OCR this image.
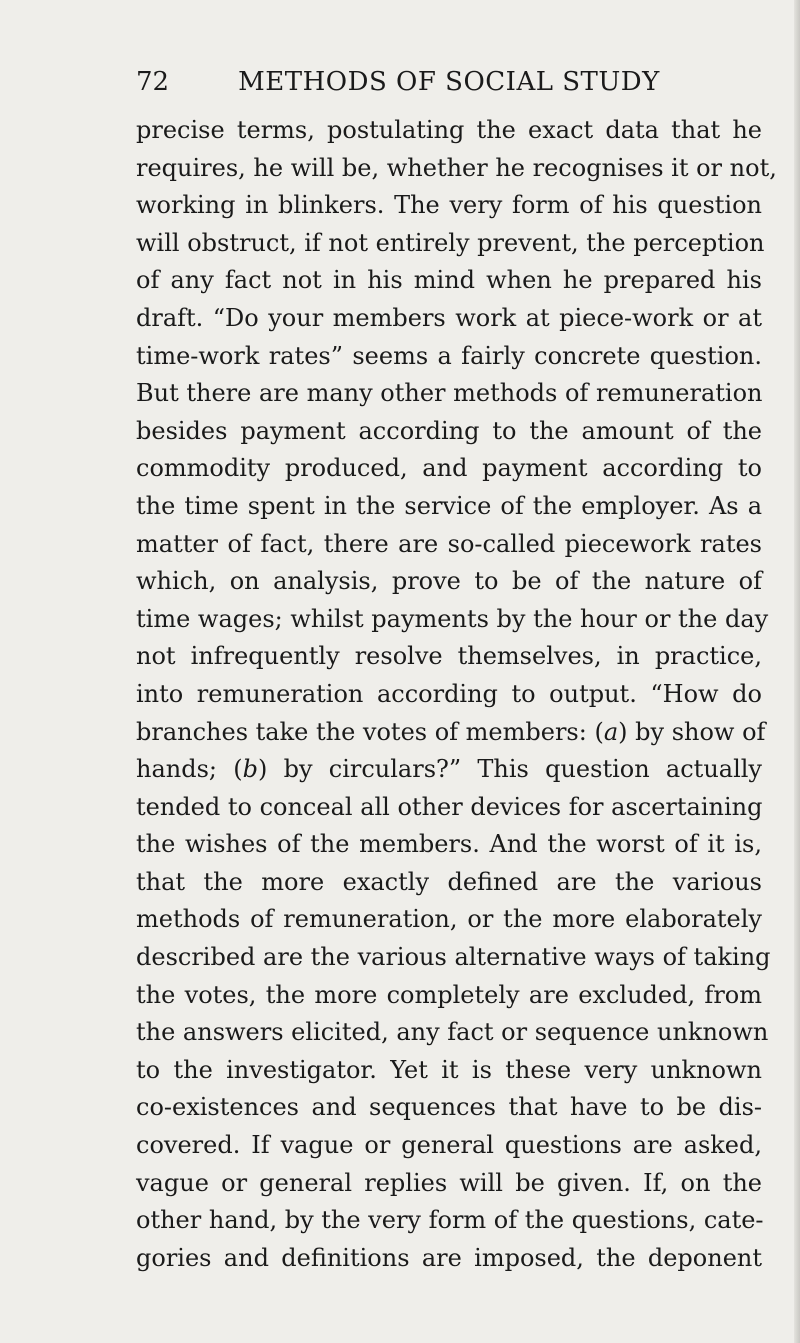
72	METHODS OF SOCIAL STUDY
precise terms, postulating the exact data that he
requires, he will be, whether he recognises it or not,
working in blinkers. The very form of his question
will obstruct, if not entirely prevent, the perception
of any fact not in his mind when he prepared his
draft. “Do your members work at piece-work or at
time-work rates” seems a fairly concrete question.
But there are many other methods of remuneration
besides payment according to the amount of the
commodity produced, and payment according to
the time spent in the service of the employer. As a
matter of fact, there are so-called piecework rates
which, on analysis, prove to be of the nature of
time wages; whilst payments by the hour or the day
not infrequently resolve themselves, in practice,
into remuneration according to output. “How do
branches take the votes of members: (a) by show of
hands; (b) by circulars?” This question actually
tended to conceal all other devices for ascertaining
the wishes of the members. And the worst of it is,
that the more exactly defined are the various
methods of remuneration, or the more elaborately
described are the various alternative ways of taking
the votes, the more completely are excluded, from
the answers elicited, any fact or sequence unknown
to the investigator. Yet it is these very unknown
co-existences and sequences that have to be dis-
covered. If vague or general questions are asked,
vague or general replies will be given. If, on the
other hand, by the very form of the questions, cate-
gories and definitions are imposed, the deponent
